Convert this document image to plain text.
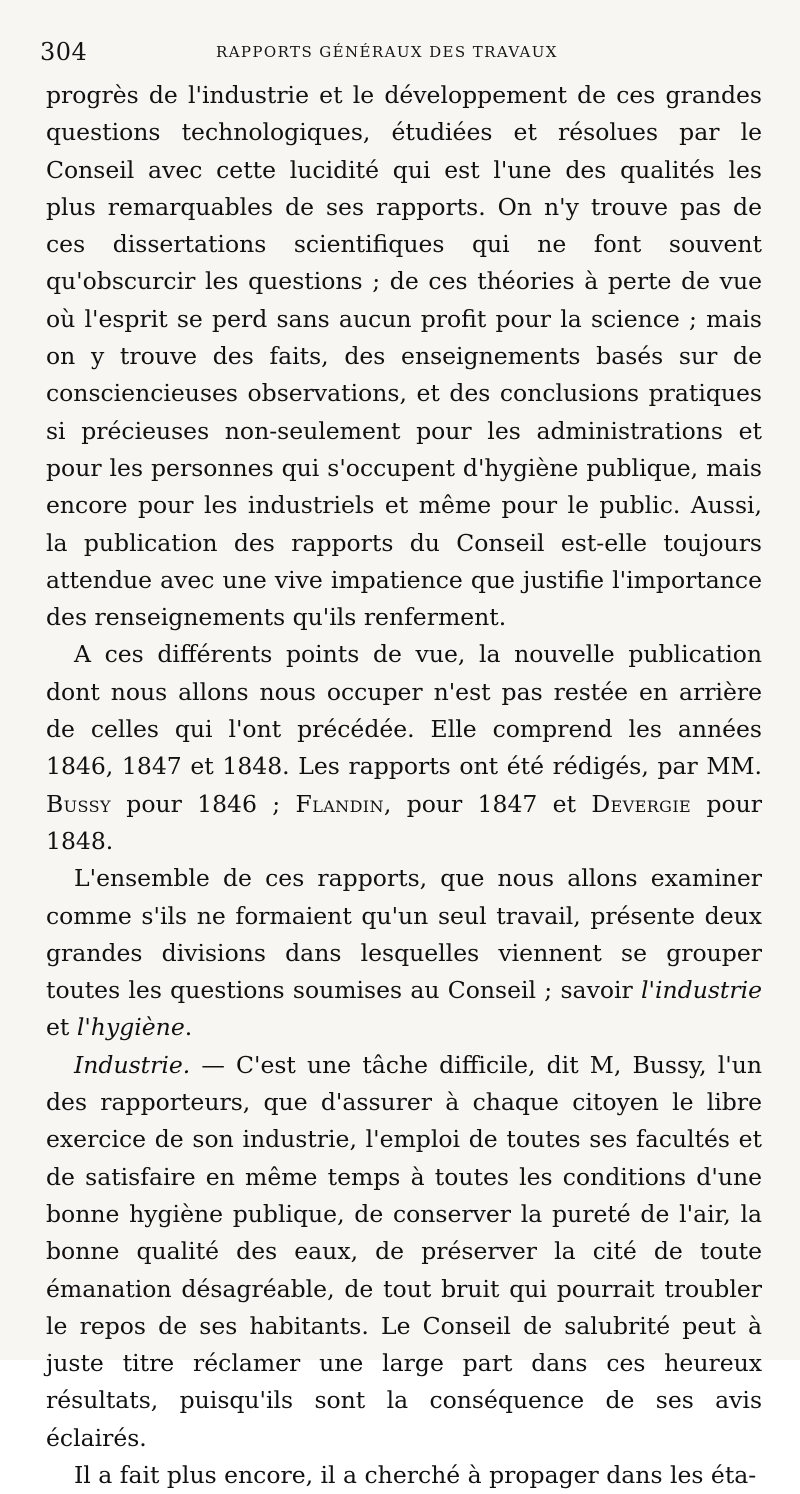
304	RAPPORTS GÉNÉRAUX DES TRAVAUX

progrès de l'industrie et le développement de ces grandes questions technologiques, étudiées et résolues par le Conseil avec cette lucidité qui est l'une des qualités les plus remarquables de ses rapports. On n'y trouve pas de ces dissertations scientifiques qui ne font souvent qu'obscurcir les questions ; de ces théories à perte de vue où l'esprit se perd sans aucun profit pour la science ; mais on y trouve des faits, des enseignements basés sur de consciencieuses observations, et des conclusions pratiques si précieuses non-seulement pour les administrations et pour les personnes qui s'occupent d'hygiène publique, mais encore pour les industriels et même pour le public. Aussi, la publication des rapports du Conseil est-elle toujours attendue avec une vive impatience que justifie l'importance des renseignements qu'ils renferment.

A ces différents points de vue, la nouvelle publication dont nous allons nous occuper n'est pas restée en arrière de celles qui l'ont précédée. Elle comprend les années 1846, 1847 et 1848. Les rapports ont été rédigés, par MM. Bussy pour 1846 ; Flandin, pour 1847 et Devergie pour 1848.

L'ensemble de ces rapports, que nous allons examiner comme s'ils ne formaient qu'un seul travail, présente deux grandes divisions dans lesquelles viennent se grouper toutes les questions soumises au Conseil ; savoir l'industrie et l'hygiène.

Industrie. — C'est une tâche difficile, dit M, Bussy, l'un des rapporteurs, que d'assurer à chaque citoyen le libre exercice de son industrie, l'emploi de toutes ses facultés et de satisfaire en même temps à toutes les conditions d'une bonne hygiène publique, de conserver la pureté de l'air, la bonne qualité des eaux, de préserver la cité de toute émanation désagréable, de tout bruit qui pourrait troubler le repos de ses habitants. Le Conseil de salubrité peut à juste titre réclamer une large part dans ces heureux résultats, puisqu'ils sont la conséquence de ses avis éclairés.

Il a fait plus encore, il a cherché à propager dans les éta-
